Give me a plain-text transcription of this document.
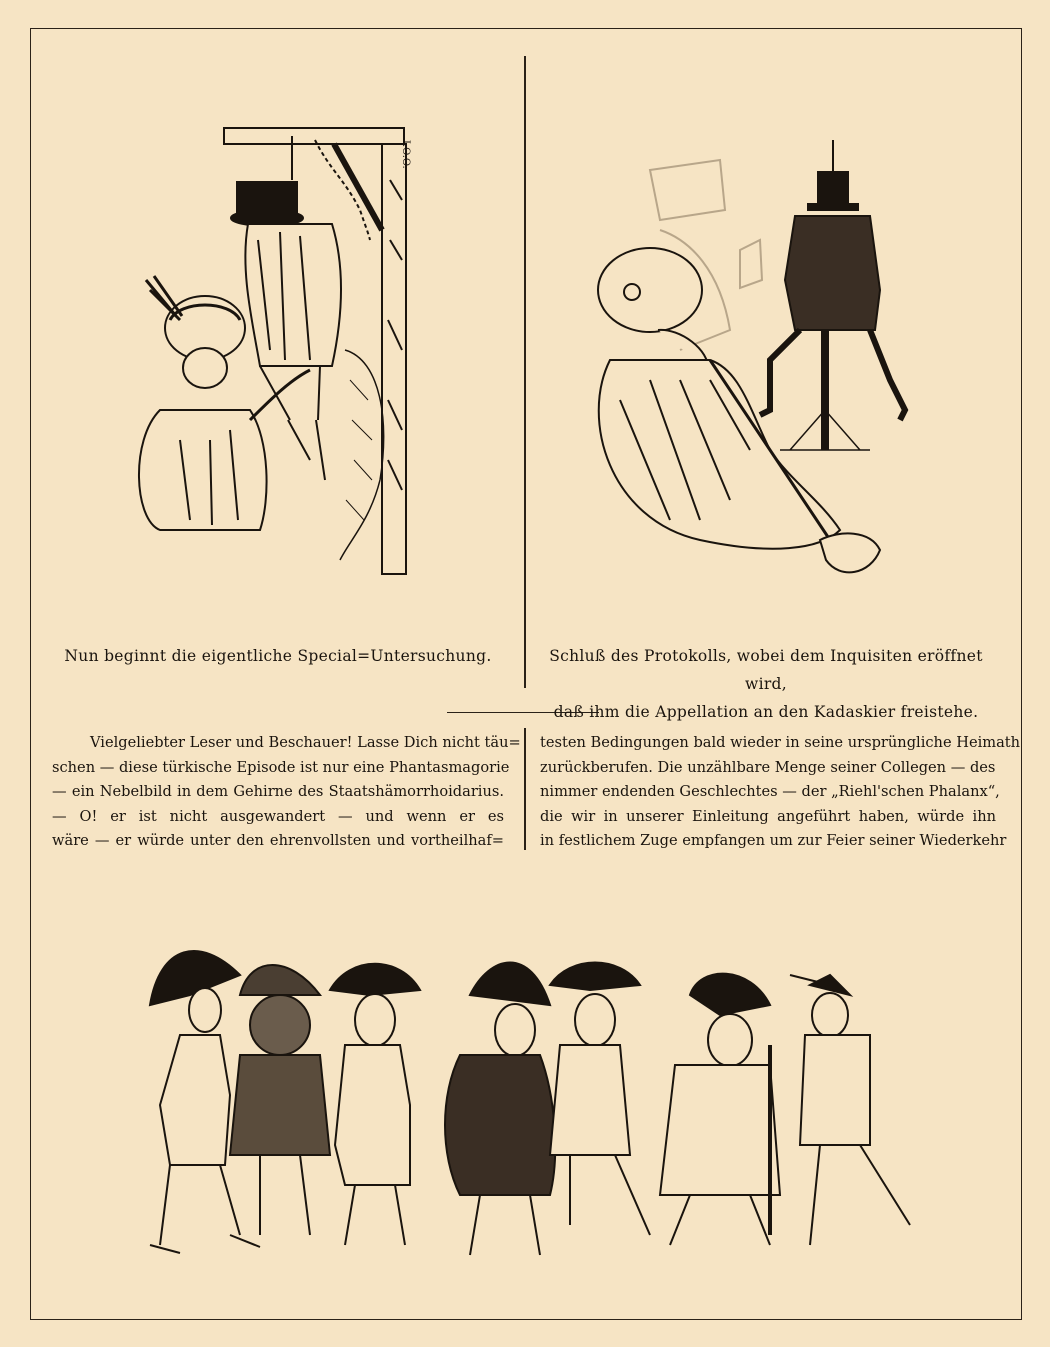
I.O.O.
Nun beginnt die eigentliche Special=Untersuchung.	Schluß des Protokolls, wobei dem Inquisiten eröffnet wird,
daß ihm die Appellation an den Kadaskier freistehe.
Vielgeliebter Leser und Beschauer! Lasse Dich nicht täu=
schen — diese türkische Episode ist nur eine Phantasmagorie
— ein Nebelbild in dem Gehirne des Staatshämorrhoidarius.
— O! er ist nicht ausgewandert — und wenn er es
wäre — er würde unter den ehrenvollsten und vortheilhaf=
testen Bedingungen bald wieder in seine ursprüngliche Heimath
zurückberufen. Die unzählbare Menge seiner Collegen — des
nimmer endenden Geschlechtes — der „Riehl'schen Phalanx“,
die wir in unserer Einleitung angeführt haben, würde ihn
in festlichem Zuge empfangen um zur Feier seiner Wiederkehr
